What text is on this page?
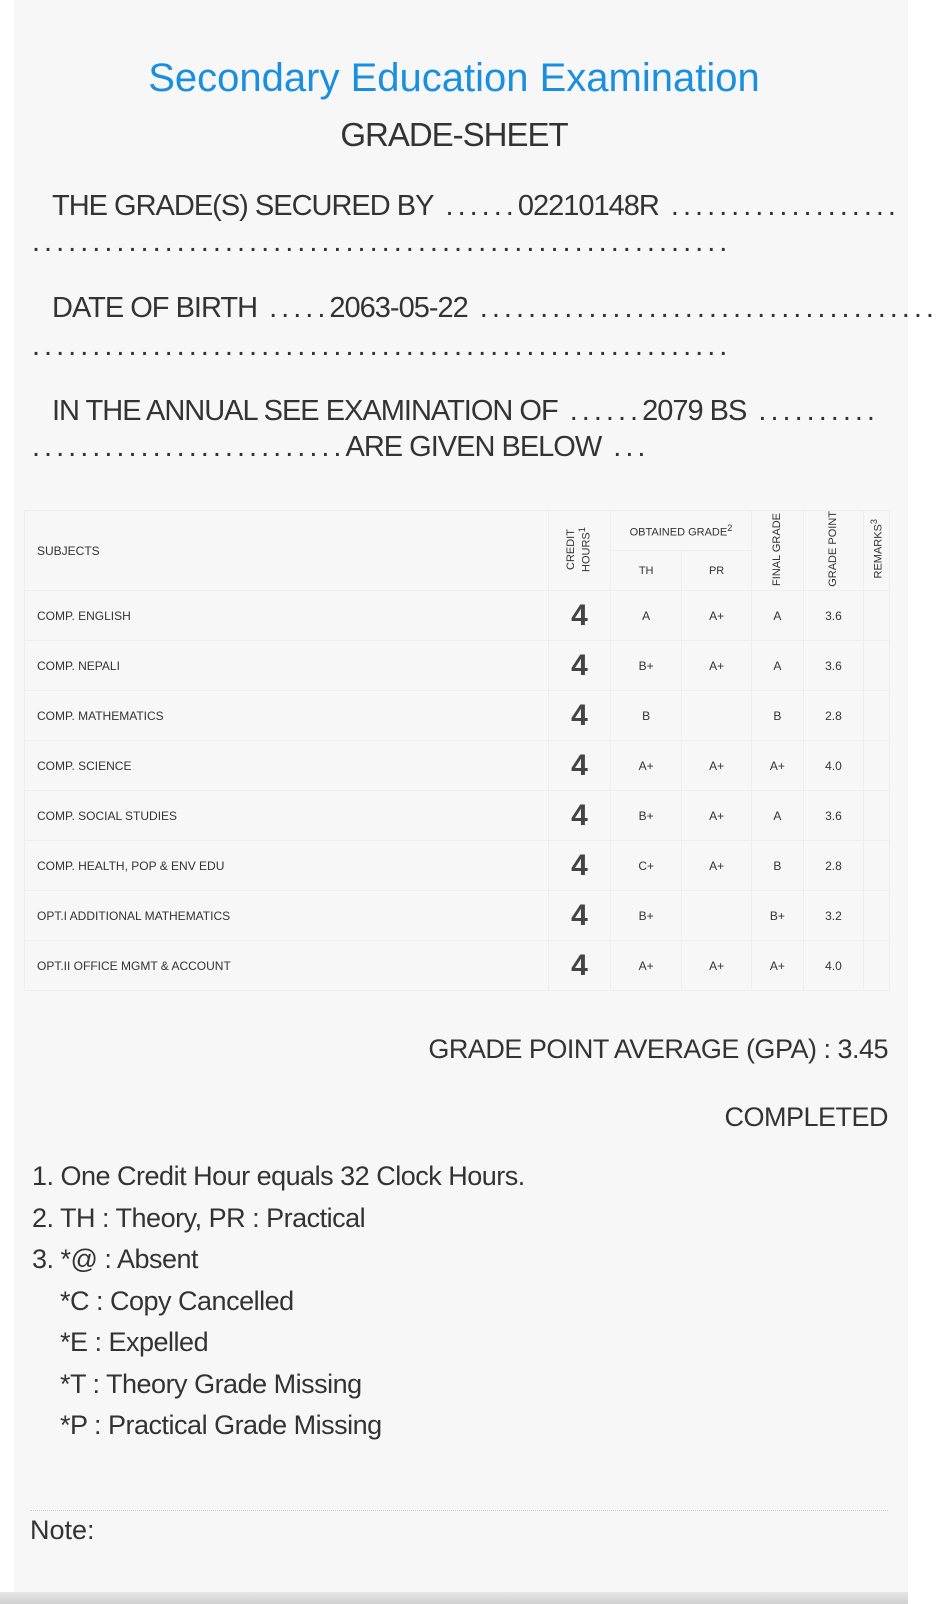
Secondary Education Examination
GRADE-SHEET
THE GRADE(S) SECURED BY ......02210148R ...................
..........................................................
DATE OF BIRTH .....2063-05-22 ......................................
..........................................................
IN THE ANNUAL SEE EXAMINATION OF ......2079 BS ..........
..........................ARE GIVEN BELOW ...
SUBJECTS	CREDIT HOURS$^1$	OBTAINED GRADE$^2$		FINAL GRADE	GRADE POINT	REMARKS$^3$
		TH	PR			
COMP. ENGLISH	4	A	A+	A	3.6	
COMP. NEPALI	4	B+	A+	A	3.6	
COMP. MATHEMATICS	4	B		B	2.8	
COMP. SCIENCE	4	A+	A+	A+	4.0	
COMP. SOCIAL STUDIES	4	B+	A+	A	3.6	
COMP. HEALTH, POP & ENV EDU	4	C+	A+	B	2.8	
OPT.I ADDITIONAL MATHEMATICS	4	B+		B+	3.2	
OPT.II OFFICE MGMT & ACCOUNT	4	A+	A+	A+	4.0	
GRADE POINT AVERAGE (GPA) : 3.45
COMPLETED
1. One Credit Hour equals 32 Clock Hours.
2. TH : Theory, PR : Practical
3. *@ : Absent
*C : Copy Cancelled
*E : Expelled
*T : Theory Grade Missing
*P : Practical Grade Missing
Note:
